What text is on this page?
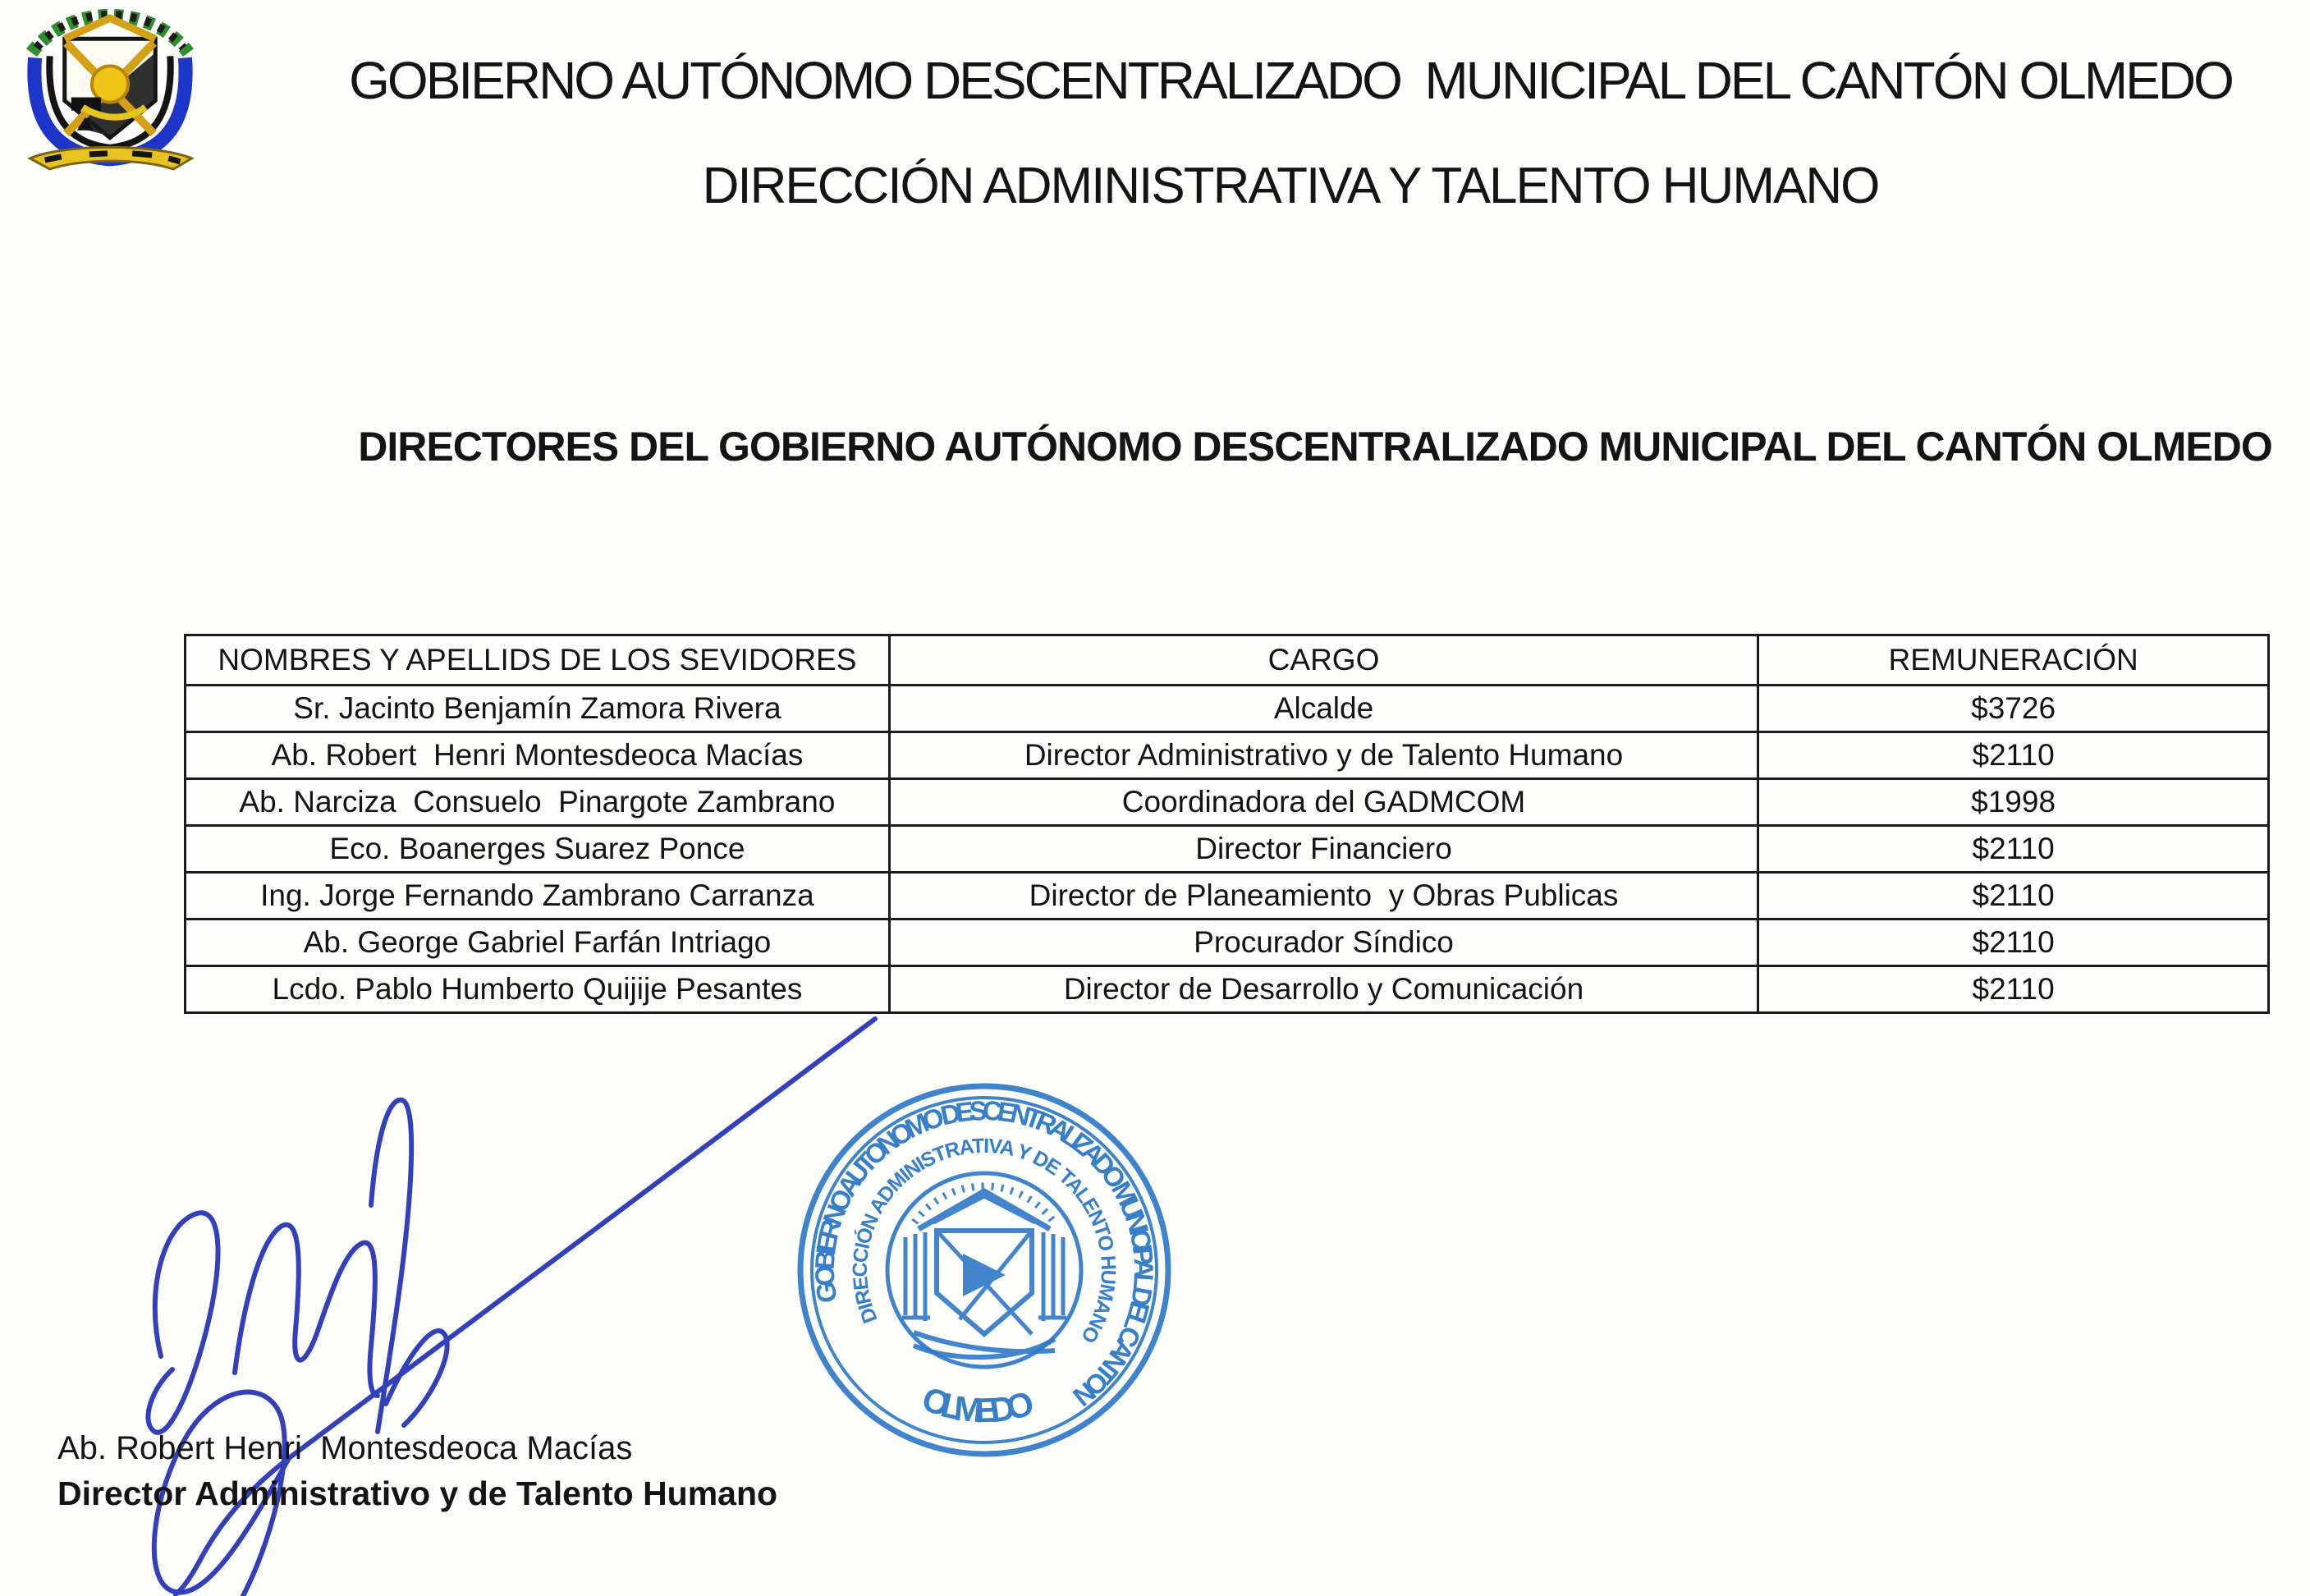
GOBIERNO AUTÓNOMO DESCENTRALIZADO  MUNICIPAL DEL CANTÓN OLMEDO

DIRECCIÓN ADMINISTRATIVA Y TALENTO HUMANO

DIRECTORES DEL GOBIERNO AUTÓNOMO DESCENTRALIZADO MUNICIPAL DEL CANTÓN OLMEDO
NOMBRES Y APELLIDS DE LOS SEVIDORES	CARGO	REMUNERACIÓN
Sr. Jacinto Benjamín Zamora Rivera	Alcalde	$3726
Ab. Robert  Henri Montesdeoca Macías	Director Administrativo y de Talento Humano	$2110
Ab. Narciza  Consuelo  Pinargote Zambrano	Coordinadora del GADMCOM	$1998
Eco. Boanerges Suarez Ponce	Director Financiero	$2110
Ing. Jorge Fernando Zambrano Carranza	Director de Planeamiento  y Obras Publicas	$2110
Ab. George Gabriel Farfán Intriago	Procurador Síndico	$2110
Lcdo. Pablo Humberto Quijije Pesantes	Director de Desarrollo y Comunicación	$2110
GOBIERNO AUTONOMO DESCENTRALIZADO MUNICIPAL DEL CANTON
DIRECCIÓN ADMINISTRATIVA Y DE TALENTO HUMANO
OLMEDO
Ab. Robert Henri  Montesdeoca Macías
Director Administrativo y de Talento Humano
